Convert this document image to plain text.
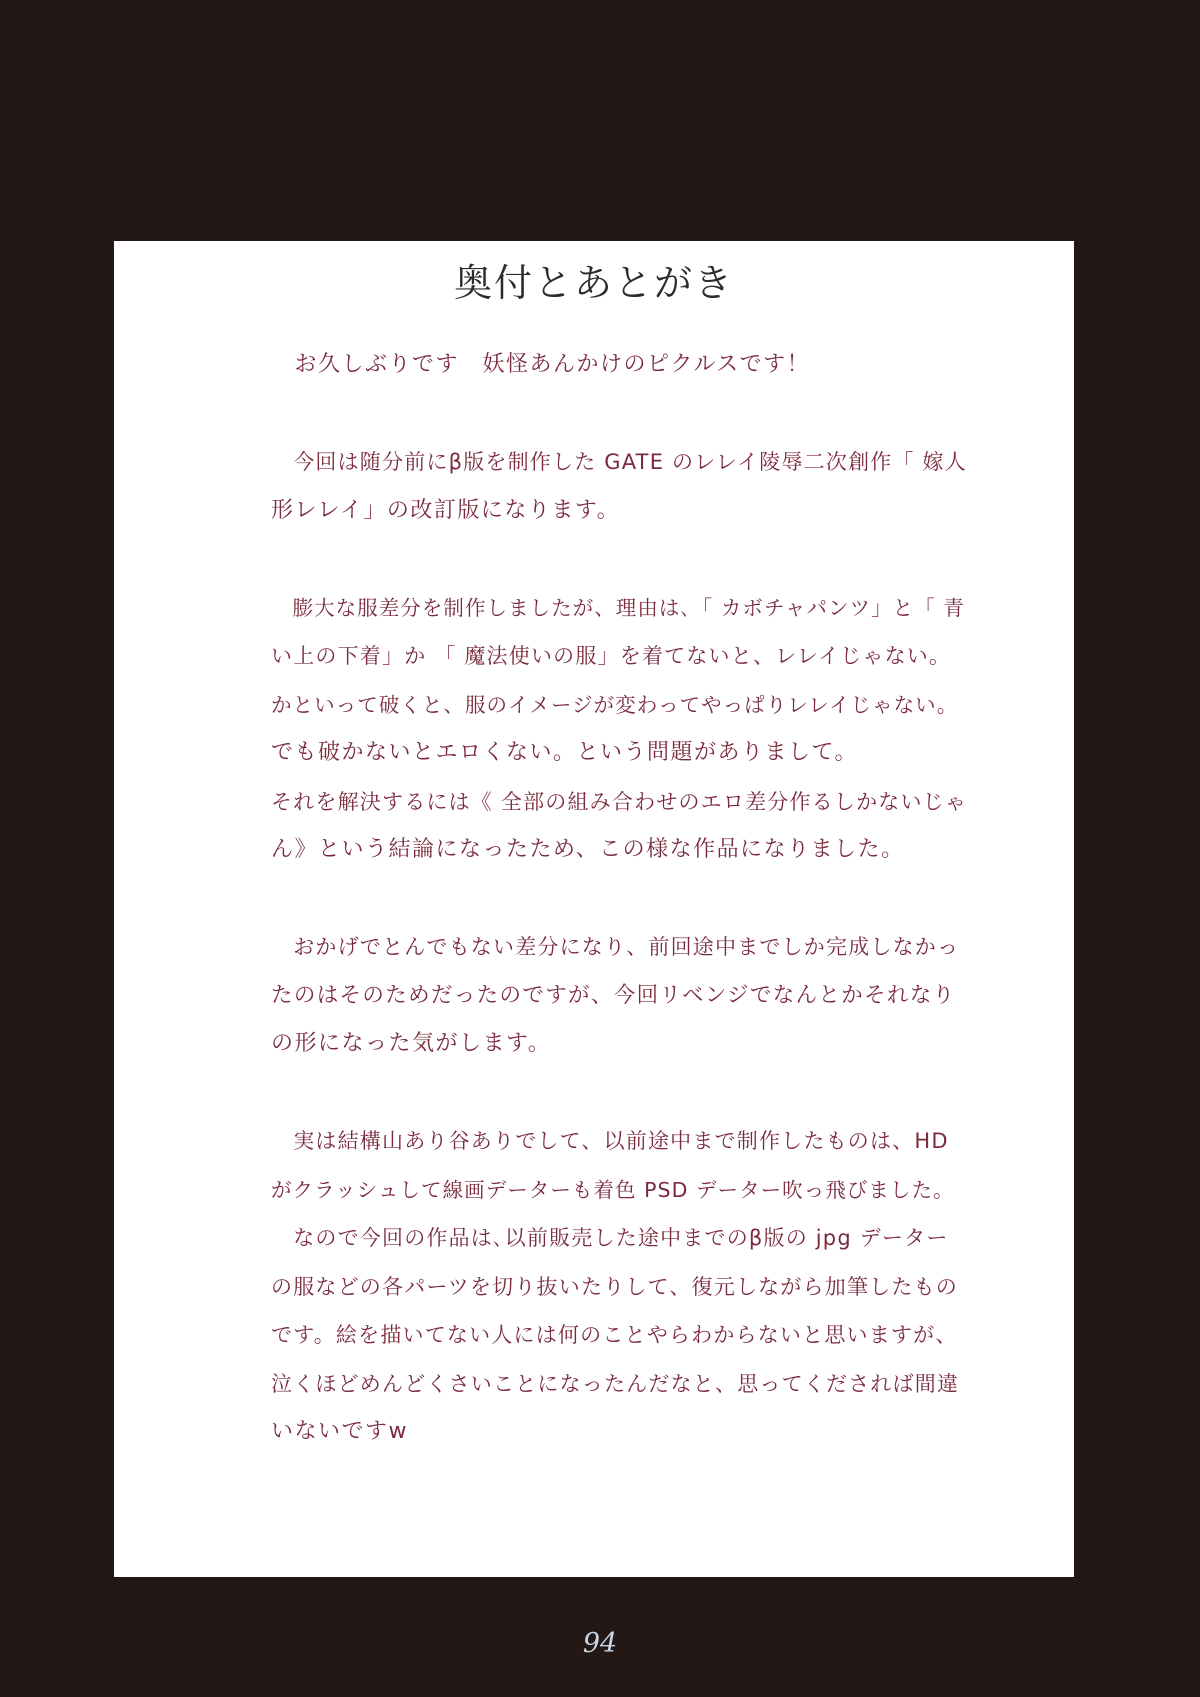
奥付とあとがき
　お久しぶりです　妖怪あんかけのピクルスです！
　今回は随分前にβ版を制作した GATE のレレイ陵辱二次創作「 嫁人
形レレイ」の改訂版になります。
　膨大な服差分を制作しましたが、理由は､「 カボチャパンツ」と「 青
い上の下着」か 「 魔法使いの服」を着てないと、レレイじゃない。
かといって破くと、服のイメージが変わってやっぱりレレイじゃない。
でも破かないとエロくない。という問題がありまして。
それを解決するには《 全部の組み合わせのエロ差分作るしかないじゃ
ん》という結論になったため、この様な作品になりました。
　おかげでとんでもない差分になり、前回途中までしか完成しなかっ
たのはそのためだったのですが、今回リベンジでなんとかそれなり
の形になった気がします。
　実は結構山あり谷ありでして、以前途中まで制作したものは、HD
がクラッシュして線画データーも着色 PSD データー吹っ飛びました。
　なので今回の作品は､以前販売した途中までのβ版の jpg データー
の服などの各パーツを切り抜いたりして、復元しながら加筆したもの
です。絵を描いてない人には何のことやらわからないと思いますが、
泣くほどめんどくさいことになったんだなと、思ってくだされば間違
いないですw
94
